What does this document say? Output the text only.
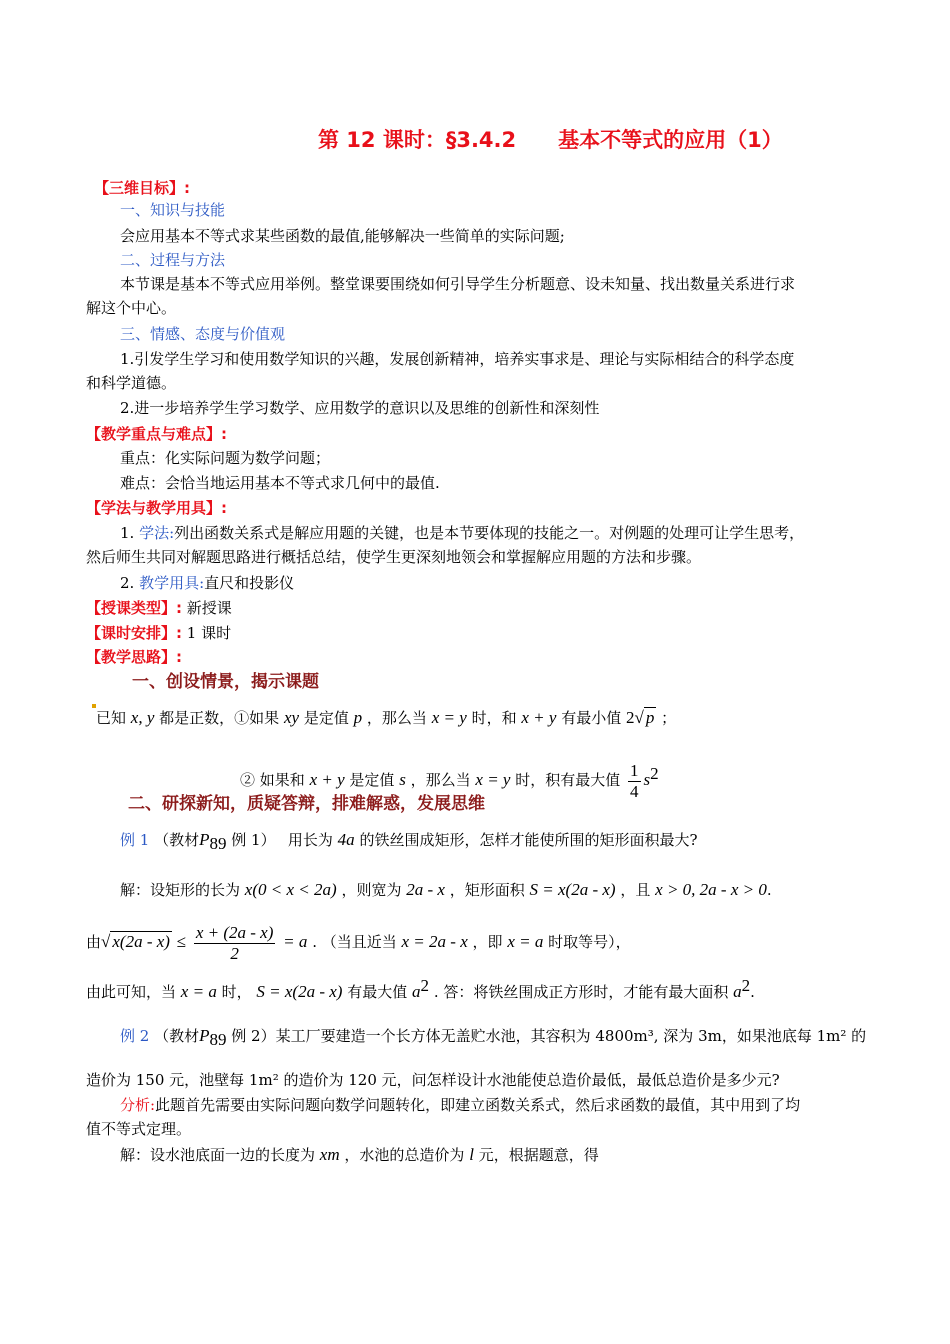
第 12 课时：§3.4.2　　基本不等式的应用（1）
【三维目标】:
一、知识与技能
会应用基本不等式求某些函数的最值,能够解决一些简单的实际问题;
二、过程与方法
本节课是基本不等式应用举例。整堂课要围绕如何引导学生分析题意、设未知量、找出数量关系进行求
解这个中心。
三、情感、态度与价值观
1.引发学生学习和使用数学知识的兴趣，发展创新精神，培养实事求是、理论与实际相结合的科学态度
和科学道德。
2.进一步培养学生学习数学、应用数学的意识以及思维的创新性和深刻性
【教学重点与难点】:
重点：化实际问题为数学问题；
难点：会恰当地运用基本不等式求几何中的最值.
【学法与教学用具】:
1. 学法:列出函数关系式是解应用题的关键，也是本节要体现的技能之一。对例题的处理可让学生思考，
然后师生共同对解题思路进行概括总结，使学生更深刻地领会和掌握解应用题的方法和步骤。
2. 教学用具:直尺和投影仪
【授课类型】: 新授课
【课时安排】: 1 课时
【教学思路】:
一、创设情景，揭示课题
已知 x, y 都是正数，①如果 xy 是定值 p ，那么当 x = y 时，和 x + y 有最小值 2√ p ；
② 如果和 x + y 是定值 s ，那么当 x = y 时，积有最大值 $\frac{1}{4} s^2$
二、研探新知，质疑答辩，排难解惑，发展思维
例 1 （教材$P_{89}$ 例 1）　 用长为 4a 的铁丝围成矩形，怎样才能使所围的矩形面积最大?
解：设矩形的长为 x(0 < x < 2a) ，则宽为 2a - x ，矩形面积 S = x(2a - x) ，且 x > 0, 2a - x > 0.
由√ $x(2a - x) \le \frac{x + (2a - x)}{2} = a$ . （当且近当 x = 2a - x ，即 x = a 时取等号），
由此可知，当 x = a 时， S = x(2a - x) 有最大值 $a^2$ . 答：将铁丝围成正方形时，才能有最大面积 $a^2$.
例 2 （教材$P_{89}$ 例 2）某工厂要建造一个长方体无盖贮水池，其容积为 4800m³, 深为 3m，如果池底每 1m² 的
造价为 150 元，池壁每 1m² 的造价为 120 元，问怎样设计水池能使总造价最低，最低总造价是多少元?
分析:此题首先需要由实际问题向数学问题转化，即建立函数关系式，然后求函数的最值，其中用到了均
值不等式定理。
解：设水池底面一边的长度为 xm ，水池的总造价为 l 元，根据题意，得
